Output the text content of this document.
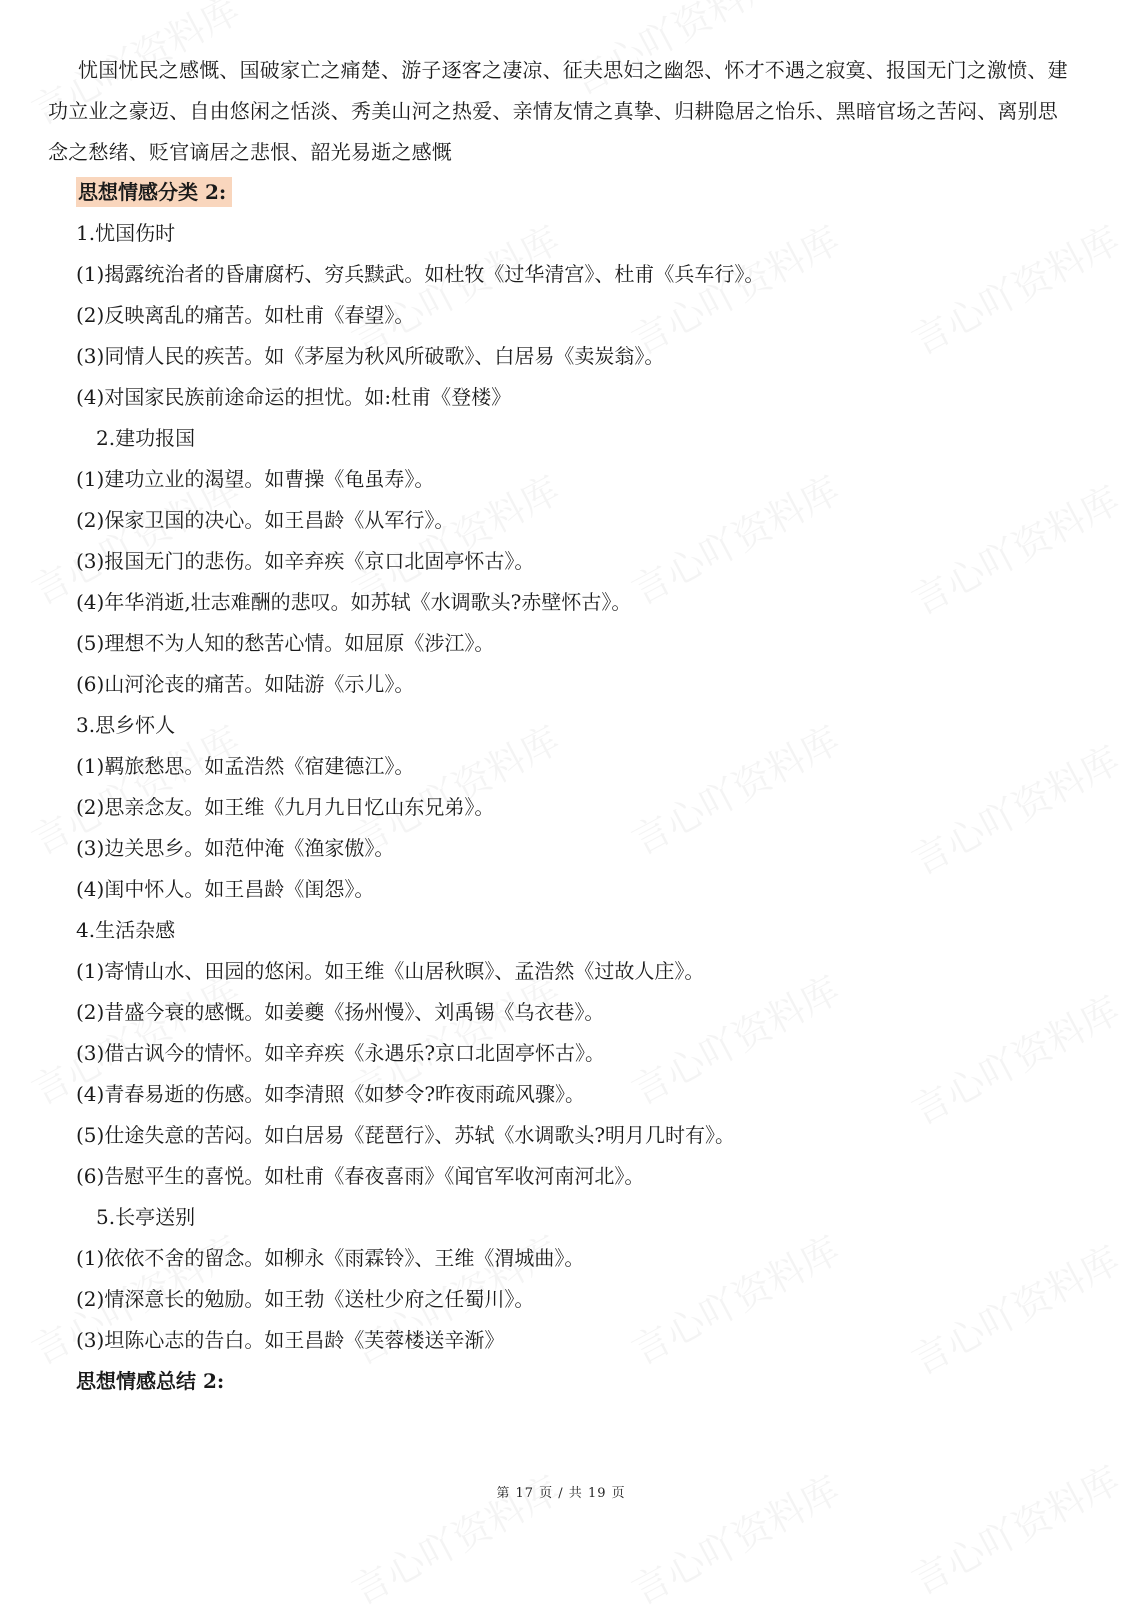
忧国忧民之感慨、国破家亡之痛楚、游子逐客之凄凉、征夫思妇之幽怨、怀才不遇之寂寞、报国无门之激愤、建功立业之豪迈、自由悠闲之恬淡、秀美山河之热爱、亲情友情之真挚、归耕隐居之怡乐、黑暗官场之苦闷、离别思念之愁绪、贬官谪居之悲恨、韶光易逝之感慨

思想情感分类 2:
1.忧国伤时
(1)揭露统治者的昏庸腐朽、穷兵黩武。如杜牧《过华清宫》、杜甫《兵车行》。
(2)反映离乱的痛苦。如杜甫《春望》。
(3)同情人民的疾苦。如《茅屋为秋风所破歌》、白居易《卖炭翁》。
(4)对国家民族前途命运的担忧。如:杜甫《登楼》
2.建功报国
(1)建功立业的渴望。如曹操《龟虽寿》。
(2)保家卫国的决心。如王昌龄《从军行》。
(3)报国无门的悲伤。如辛弃疾《京口北固亭怀古》。
(4)年华消逝,壮志难酬的悲叹。如苏轼《水调歌头?赤壁怀古》。
(5)理想不为人知的愁苦心情。如屈原《涉江》。
(6)山河沦丧的痛苦。如陆游《示儿》。
3.思乡怀人
(1)羁旅愁思。如孟浩然《宿建德江》。
(2)思亲念友。如王维《九月九日忆山东兄弟》。
(3)边关思乡。如范仲淹《渔家傲》。
(4)闺中怀人。如王昌龄《闺怨》。
4.生活杂感
(1)寄情山水、田园的悠闲。如王维《山居秋暝》、孟浩然《过故人庄》。
(2)昔盛今衰的感慨。如姜夔《扬州慢》、刘禹锡《乌衣巷》。
(3)借古讽今的情怀。如辛弃疾《永遇乐?京口北固亭怀古》。
(4)青春易逝的伤感。如李清照《如梦令?昨夜雨疏风骤》。
(5)仕途失意的苦闷。如白居易《琵琶行》、苏轼《水调歌头?明月几时有》。
(6)告慰平生的喜悦。如杜甫《春夜喜雨》《闻官军收河南河北》。
5.长亭送别
(1)依依不舍的留念。如柳永《雨霖铃》、王维《渭城曲》。
(2)情深意长的勉励。如王勃《送杜少府之任蜀川》。
(3)坦陈心志的告白。如王昌龄《芙蓉楼送辛渐》
思想情感总结 2:
第 17 页 / 共 19 页
